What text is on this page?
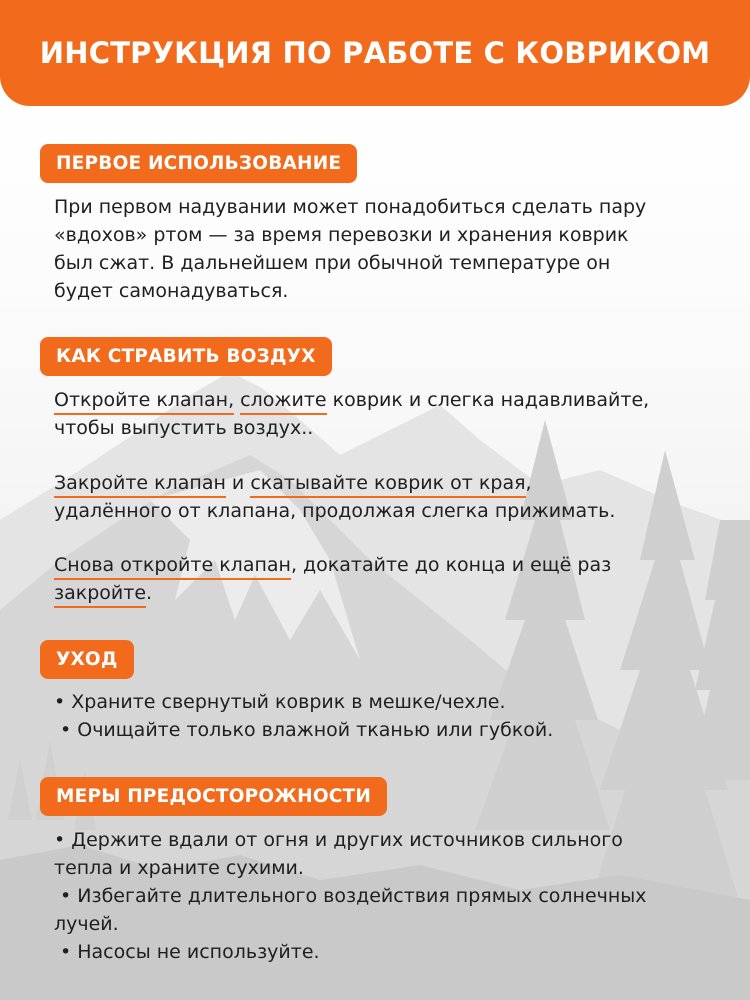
ИНСТРУКЦИЯ ПО РАБОТЕ С КОВРИКОМ
ПЕРВОЕ ИСПОЛЬЗОВАНИЕ
При первом надувании может понадобиться сделать пару
«вдохов» ртом — за время перевозки и хранения коврик
был сжат. В дальнейшем при обычной температуре он
будет самонадуваться.
КАК СТРАВИТЬ ВОЗДУХ
Откройте клапан, сложите коврик и слегка надавливайте,
чтобы выпустить воздух..
Закройте клапан и скатывайте коврик от края,
удалённого от клапана, продолжая слегка прижимать.
Снова откройте клапан, докатайте до конца и ещё раз
закройте.
УХОД
• Храните свернутый коврик в мешке/чехле.
• Очищайте только влажной тканью или губкой.
МЕРЫ ПРЕДОСТОРОЖНОСТИ
• Держите вдали от огня и других источников сильного
тепла и храните сухими.
• Избегайте длительного воздействия прямых солнечных
лучей.
• Насосы не используйте.
